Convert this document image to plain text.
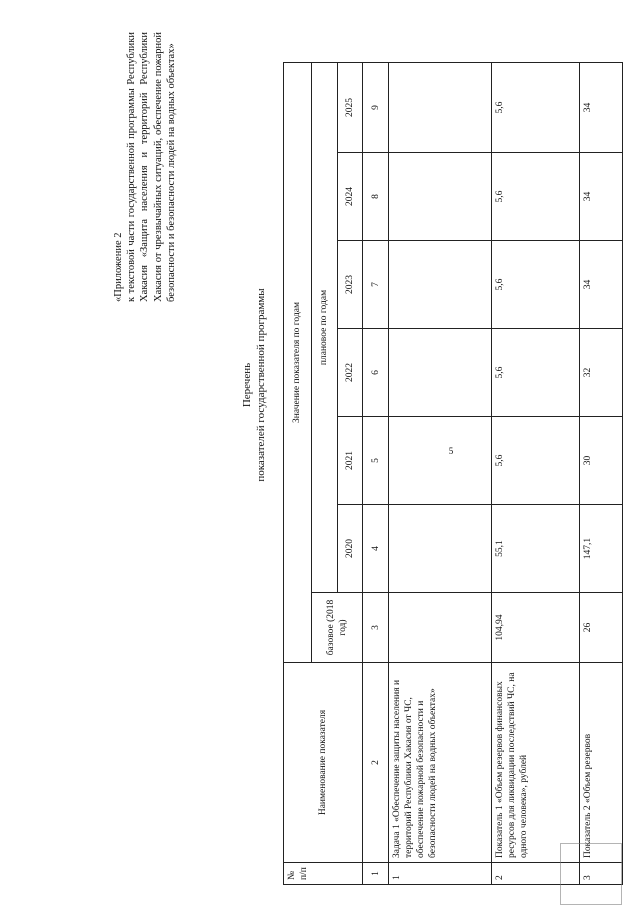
5
«Приложение 2 к текстовой части государственной программы Республики Хакасия «Защита населения и территорий Республики Хакасия от чрезвычайных ситуаций, обеспечение пожарной безопасности и безопасности людей на водных объектах»
Перечень показателей государственной программы
№ п/п	Наименование показателя	Значение показателя по годам						
		базовое (2018 год)	плановое по годам					
			2020	2021	2022	2023	2024	2025
1	2	3	4	5	6	7	8	9
1	Задача 1 «Обеспечение защиты населения и территорий Республики Хакасия от ЧС, обеспечение пожарной безопасности и безопасности людей на водных объектах»							
2	Показатель 1 «Объем резервов финансовых ресурсов для ликвидации последствий ЧС, на одного человека», рублей	104,94	55,1	5,6	5,6	5,6	5,6	5,6
3	Показатель 2 «Объем резервов	26	147,1	30	32	34	34	34
